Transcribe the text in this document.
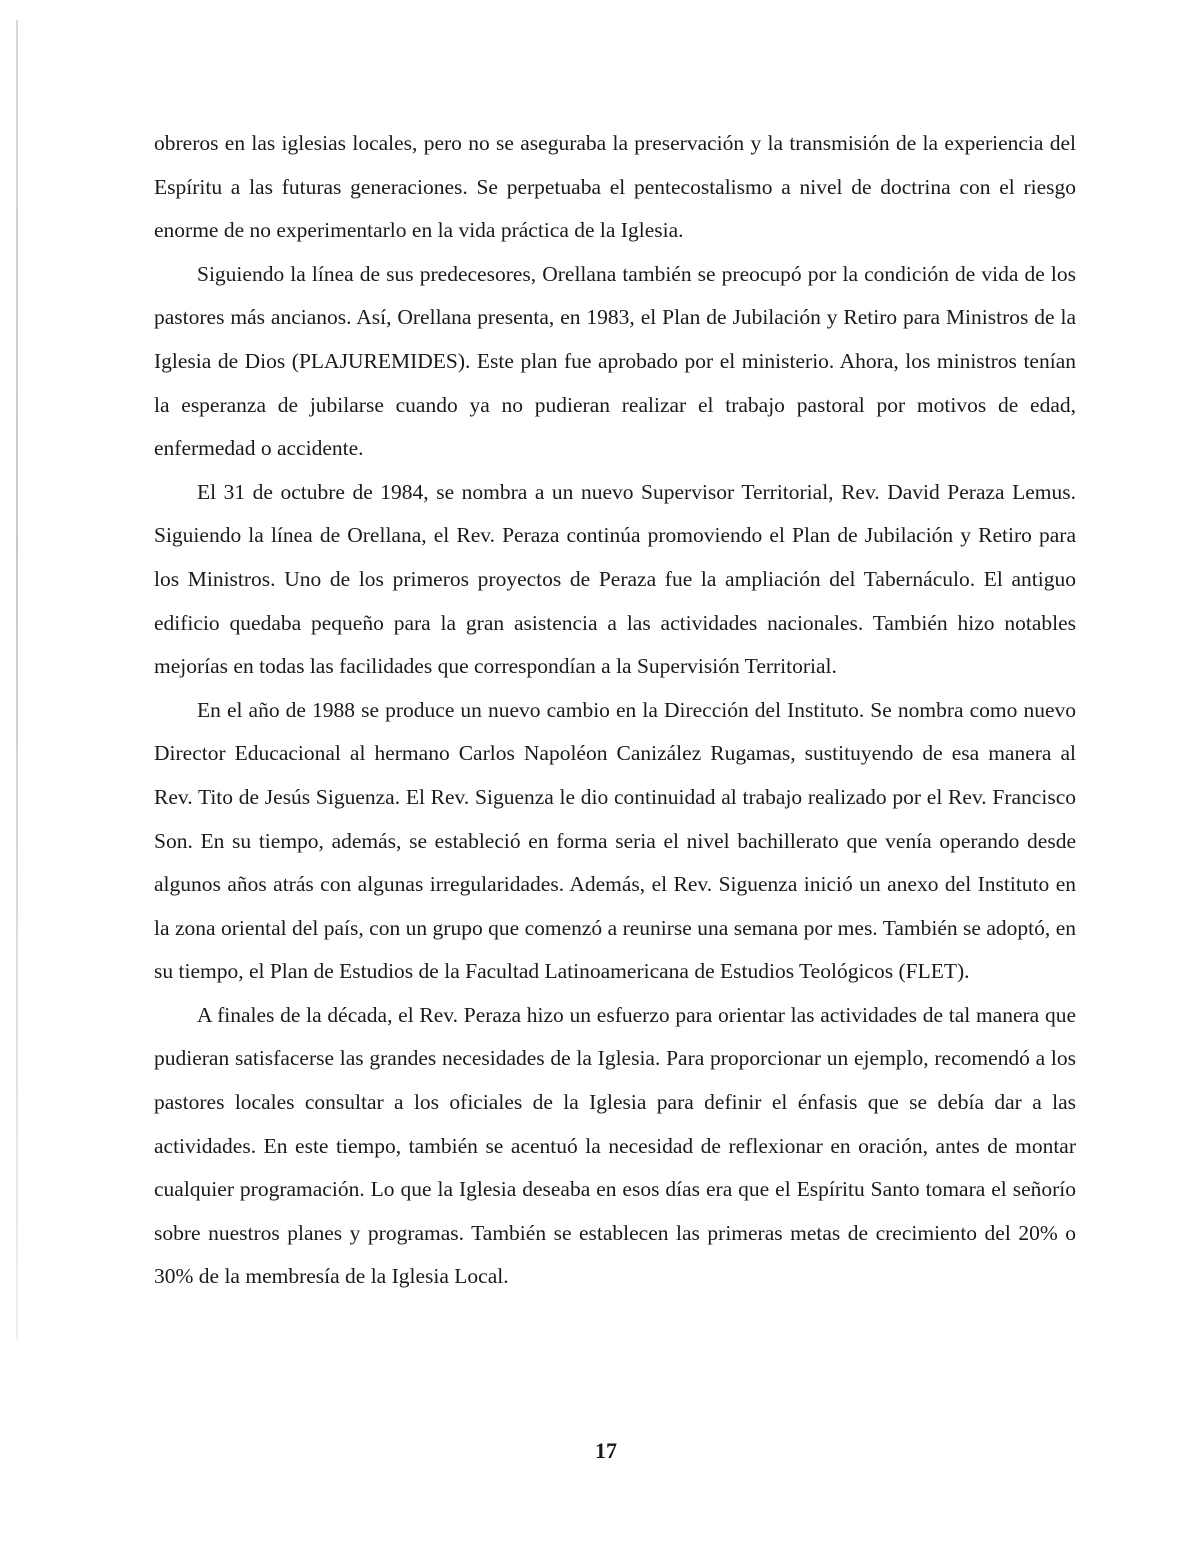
obreros en las iglesias locales, pero no se aseguraba la preservación y la transmisión de la experiencia del Espíritu a las futuras generaciones. Se perpetuaba el pentecostalismo a nivel de doctrina con el riesgo enorme de no experimentarlo en la vida práctica de la Iglesia.

Siguiendo la línea de sus predecesores, Orellana también se preocupó por la condición de vida de los pastores más ancianos. Así, Orellana presenta, en 1983, el Plan de Jubilación y Retiro para Ministros de la Iglesia de Dios (PLAJUREMIDES). Este plan fue aprobado por el ministerio. Ahora, los ministros tenían la esperanza de jubilarse cuando ya no pudieran realizar el trabajo pastoral por motivos de edad, enfermedad o accidente.

El 31 de octubre de 1984, se nombra a un nuevo Supervisor Territorial, Rev. David Peraza Lemus. Siguiendo la línea de Orellana, el Rev. Peraza continúa promoviendo el Plan de Jubilación y Retiro para los Ministros. Uno de los primeros proyectos de Peraza fue la ampliación del Tabernáculo. El antiguo edificio quedaba pequeño para la gran asistencia a las actividades nacionales. También hizo notables mejorías en todas las facilidades que correspondían a la Supervisión Territorial.

En el año de 1988 se produce un nuevo cambio en la Dirección del Instituto. Se nombra como nuevo Director Educacional al hermano Carlos Napoléon Canizález Rugamas, sustituyendo de esa manera al Rev. Tito de Jesús Siguenza. El Rev. Siguenza le dio continuidad al trabajo realizado por el Rev. Francisco Son. En su tiempo, además, se estableció en forma seria el nivel bachillerato que venía operando desde algunos años atrás con algunas irregularidades. Además, el Rev. Siguenza inició un anexo del Instituto en la zona oriental del país, con un grupo que comenzó a reunirse una semana por mes. También se adoptó, en su tiempo, el Plan de Estudios de la Facultad Latinoamericana de Estudios Teológicos (FLET).

A finales de la década, el Rev. Peraza hizo un esfuerzo para orientar las actividades de tal manera que pudieran satisfacerse las grandes necesidades de la Iglesia. Para proporcionar un ejemplo, recomendó a los pastores locales consultar a los oficiales de la Iglesia para definir el énfasis que se debía dar a las actividades. En este tiempo, también se acentuó la necesidad de reflexionar en oración, antes de montar cualquier programación. Lo que la Iglesia deseaba en esos días era que el Espíritu Santo tomara el señorío sobre nuestros planes y programas. También se establecen las primeras metas de crecimiento del 20% o 30% de la membresía de la Iglesia Local.

17
